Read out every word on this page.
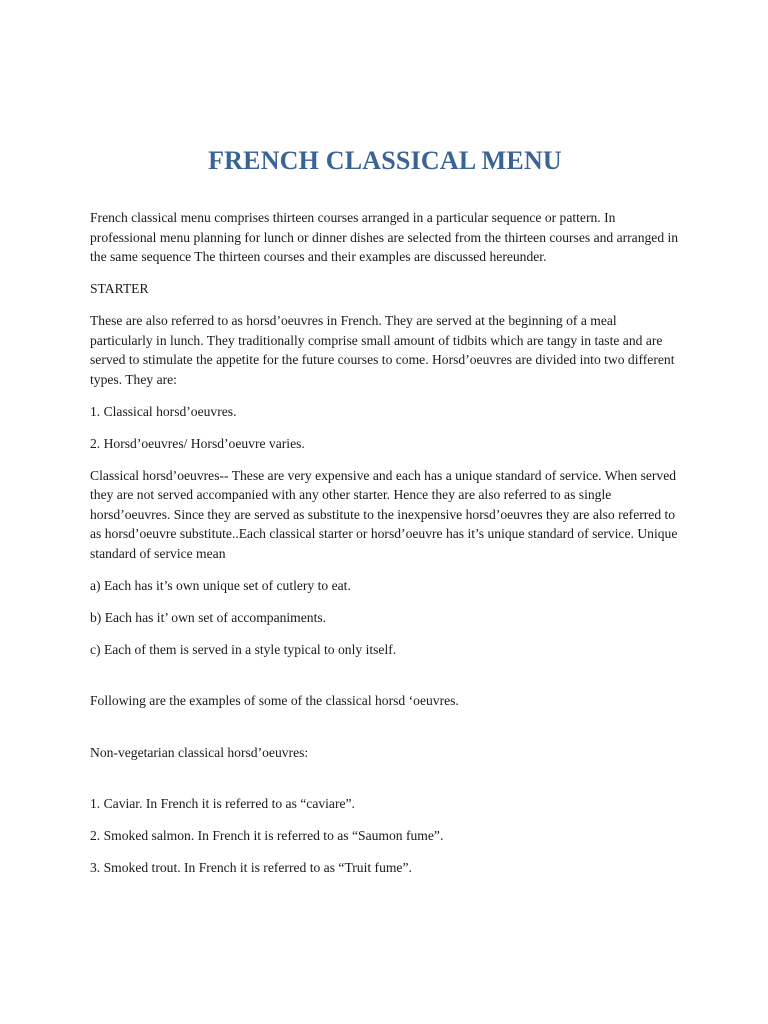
FRENCH CLASSICAL MENU

French classical menu comprises thirteen courses arranged in a particular sequence or pattern. In professional menu planning for lunch or dinner dishes are selected from the thirteen courses and arranged in the same sequence The thirteen courses and their examples are discussed hereunder.

STARTER

These are also referred to as horsd’oeuvres in French. They are served at the beginning of a meal particularly in lunch. They traditionally comprise small amount of tidbits which are tangy in taste and are served to stimulate the appetite for the future courses to come. Horsd’oeuvres are divided into two different types. They are:

1. Classical horsd’oeuvres.

2. Horsd’oeuvres/ Horsd’oeuvre varies.

Classical horsd’oeuvres-- These are very expensive and each has a unique standard of service. When served they are not served accompanied with any other starter. Hence they are also referred to as single horsd’oeuvres. Since they are served as substitute to the inexpensive horsd’oeuvres they are also referred to as horsd’oeuvre substitute..Each classical starter or horsd’oeuvre has it’s unique standard of service. Unique standard of service mean

a) Each has it’s own unique set of cutlery to eat.

b) Each has it’ own set of accompaniments.

c) Each of them is served in a style typical to only itself.

Following are the examples of some of the classical horsd ‘oeuvres.

Non-vegetarian classical horsd’oeuvres:

1. Caviar. In French it is referred to as “caviare”.

2. Smoked salmon. In French it is referred to as “Saumon fume”.

3. Smoked trout. In French it is referred to as “Truit fume”.
